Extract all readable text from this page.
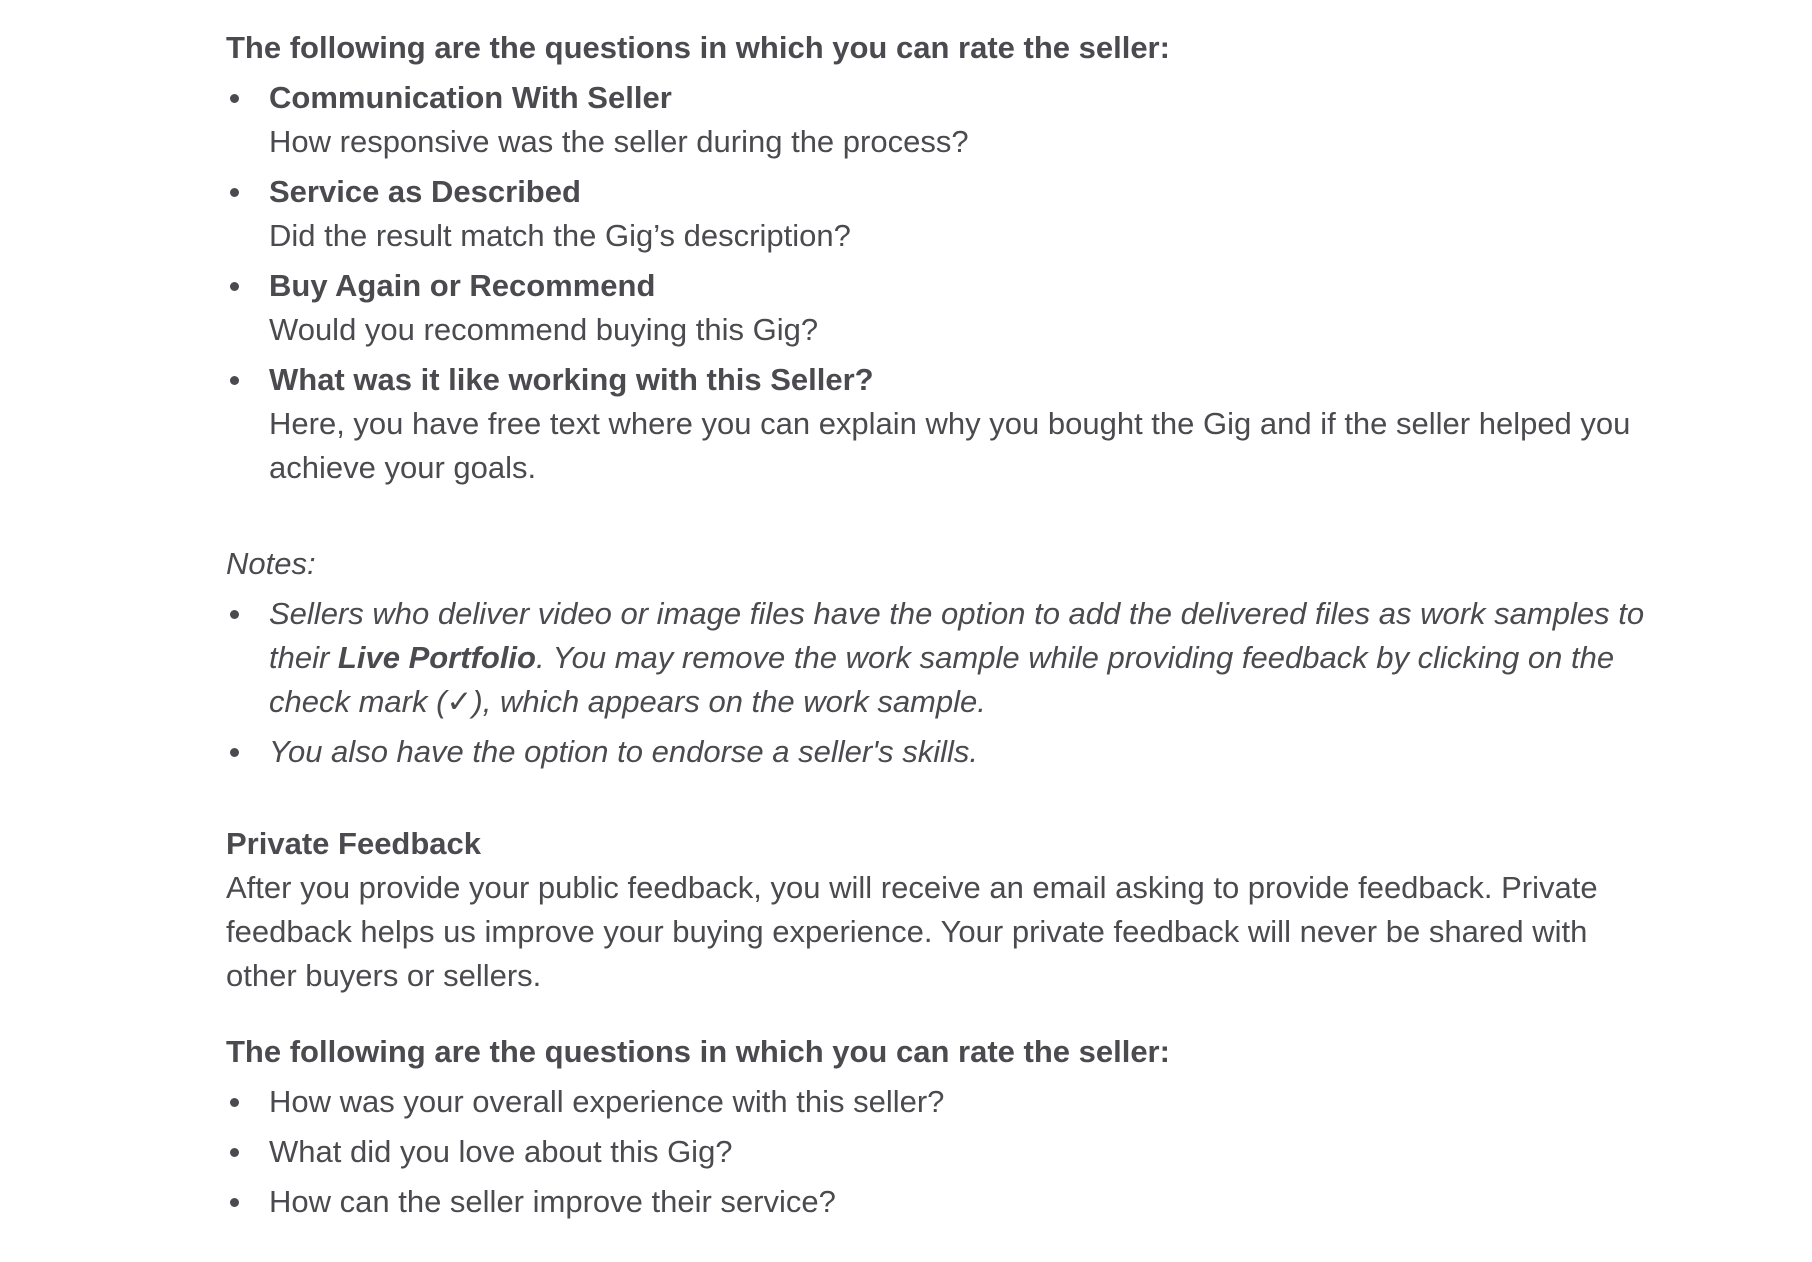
The following are the questions in which you can rate the seller:

Communication With Seller
How responsive was the seller during the process?
Service as Described
Did the result match the Gig’s description?
Buy Again or Recommend
Would you recommend buying this Gig?
What was it like working with this Seller?
Here, you have free text where you can explain why you bought the Gig and if the seller helped you achieve your goals.

Notes:

Sellers who deliver video or image files have the option to add the delivered files as work samples to their Live Portfolio. You may remove the work sample while providing feedback by clicking on the check mark (✓), which appears on the work sample.
You also have the option to endorse a seller's skills.

Private Feedback

After you provide your public feedback, you will receive an email asking to provide feedback. Private feedback helps us improve your buying experience. Your private feedback will never be shared with other buyers or sellers.

The following are the questions in which you can rate the seller:

How was your overall experience with this seller?
What did you love about this Gig?
How can the seller improve their service?
